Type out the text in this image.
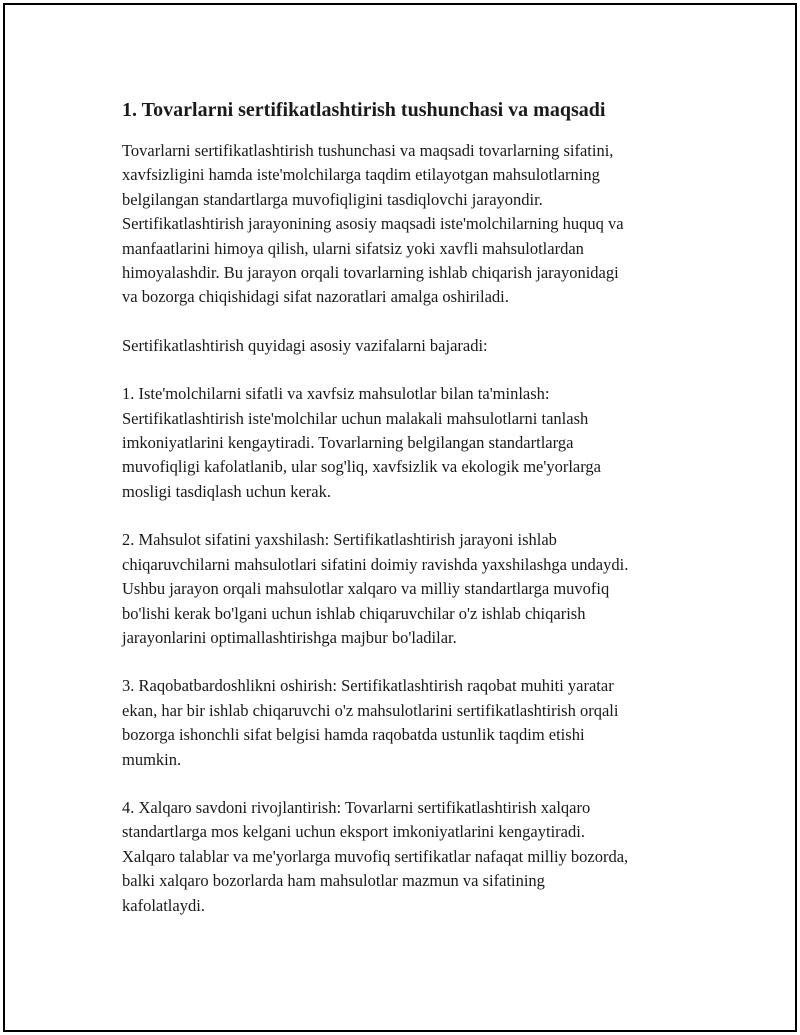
1. Tovarlarni sertifikatlashtirish tushunchasi va maqsadi

Tovarlarni sertifikatlashtirish tushunchasi va maqsadi tovarlarning sifatini,
xavfsizligini hamda iste'molchilarga taqdim etilayotgan mahsulotlarning
belgilangan standartlarga muvofiqligini tasdiqlovchi jarayondir.
Sertifikatlashtirish jarayonining asosiy maqsadi iste'molchilarning huquq va
manfaatlarini himoya qilish, ularni sifatsiz yoki xavfli mahsulotlardan
himoyalashdir. Bu jarayon orqali tovarlarning ishlab chiqarish jarayonidagi
va bozorga chiqishidagi sifat nazoratlari amalga oshiriladi.

Sertifikatlashtirish quyidagi asosiy vazifalarni bajaradi:

1. Iste'molchilarni sifatli va xavfsiz mahsulotlar bilan ta'minlash:
Sertifikatlashtirish iste'molchilar uchun malakali mahsulotlarni tanlash
imkoniyatlarini kengaytiradi. Tovarlarning belgilangan standartlarga
muvofiqligi kafolatlanib, ular sog'liq, xavfsizlik va ekologik me'yorlarga
mosligi tasdiqlash uchun kerak.

2. Mahsulot sifatini yaxshilash: Sertifikatlashtirish jarayoni ishlab
chiqaruvchilarni mahsulotlari sifatini doimiy ravishda yaxshilashga undaydi.
Ushbu jarayon orqali mahsulotlar xalqaro va milliy standartlarga muvofiq
bo'lishi kerak bo'lgani uchun ishlab chiqaruvchilar o'z ishlab chiqarish
jarayonlarini optimallashtirishga majbur bo'ladilar.

3. Raqobatbardoshlikni oshirish: Sertifikatlashtirish raqobat muhiti yaratar
ekan, har bir ishlab chiqaruvchi o'z mahsulotlarini sertifikatlashtirish orqali
bozorga ishonchli sifat belgisi hamda raqobatda ustunlik taqdim etishi
mumkin.

4. Xalqaro savdoni rivojlantirish: Tovarlarni sertifikatlashtirish xalqaro
standartlarga mos kelgani uchun eksport imkoniyatlarini kengaytiradi.
Xalqaro talablar va me'yorlarga muvofiq sertifikatlar nafaqat milliy bozorda,
balki xalqaro bozorlarda ham mahsulotlar mazmun va sifatining
kafolatlaydi.
